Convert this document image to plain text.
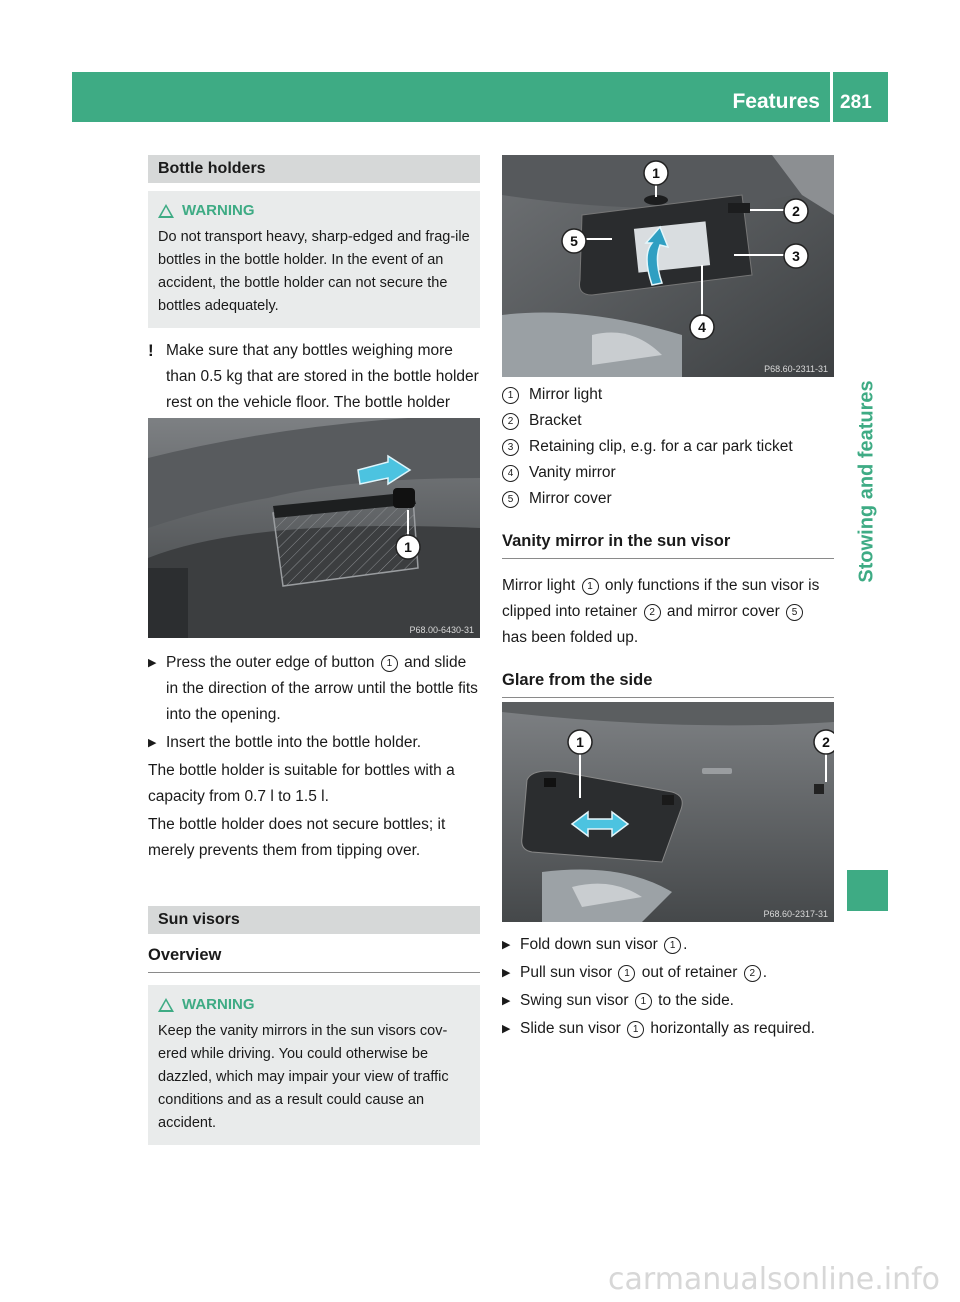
Features 281
Stowing and features
Bottle holders
WARNING
Do not transport heavy, sharp-edged and frag-ile bottles in the bottle holder. In the event of an accident, the bottle holder can not secure the bottles adequately.
! Make sure that any bottles weighing more than 0.5 kg that are stored in the bottle holder rest on the vehicle floor. The bottle holder
1
P68.00-6430-31
▶ Press the outer edge of button 1 and slide in the direction of the arrow until the bottle fits into the opening.
▶ Insert the bottle into the bottle holder.
The bottle holder is suitable for bottles with a capacity from 0.7 l to 1.5 l.
The bottle holder does not secure bottles; it merely prevents them from tipping over.
Sun visors
Overview
WARNING
Keep the vanity mirrors in the sun visors cov-ered while driving. You could otherwise be dazzled, which may impair your view of traffic conditions and as a result could cause an accident.
1
2
3
4
5
P68.60-2311-31
1	Mirror light
2	Bracket
3	Retaining clip, e.g. for a car park ticket
4	Vanity mirror
5	Mirror cover
Vanity mirror in the sun visor
Mirror light 1 only functions if the sun visor is clipped into retainer 2 and mirror cover 5 has been folded up.
Glare from the side
1	2
P68.60-2317-31
▶ Fold down sun visor 1 .
▶ Pull sun visor 1 out of retainer 2 .
▶ Swing sun visor 1 to the side.
▶ Slide sun visor 1 horizontally as required.
carmanualsonline.info
